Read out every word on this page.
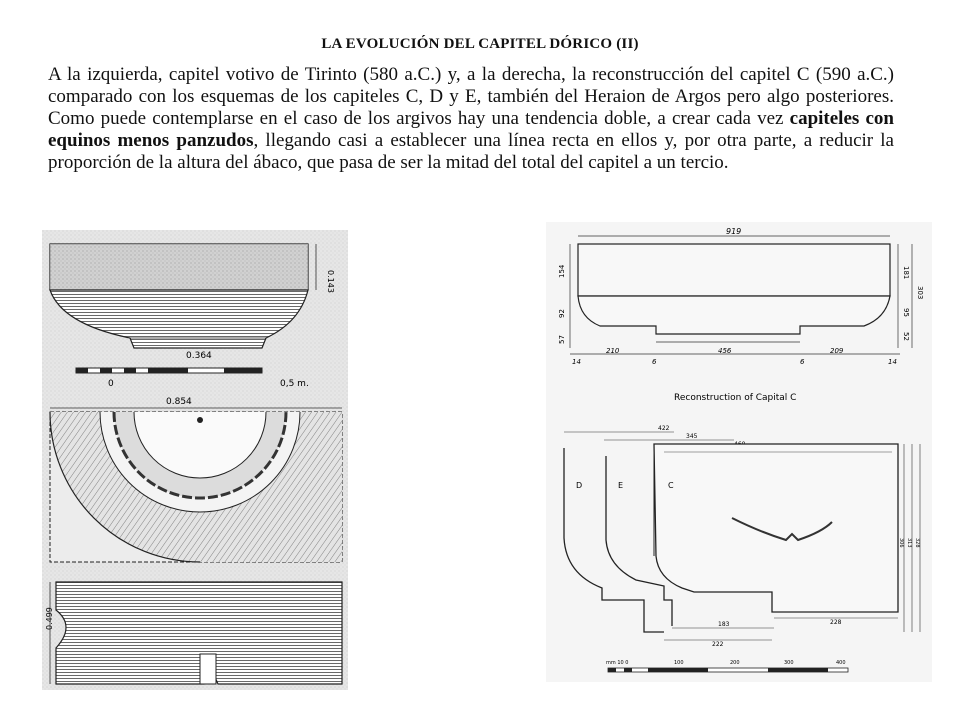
LA EVOLUCIÓN DEL CAPITEL DÓRICO (II)
A la izquierda, capitel votivo de Tirinto (580 a.C.) y, a la derecha, la reconstrucción del capitel C (590 a.C.) comparado con los esquemas de los capiteles C, D y E, también del Heraion de Argos pero algo posteriores. Como puede contemplarse en el caso de los argivos hay una tendencia doble, a crear cada vez capiteles con equinos menos panzudos, llegando casi a establecer una línea recta en ellos y, por otra parte, a reducir la proporción de la altura del ábaco, que pasa de ser la mitad del total del capitel a un tercio.
0.143
0.364
0	0,5 m.
0.854
0.499
919
154
92
57
181
95
52
303
14
210
6
456
6
209
14
Reconstruction of Capital C
422
345
D	E	C
306 313 328
183	228
222
mm 10 0	100	200	300	400
